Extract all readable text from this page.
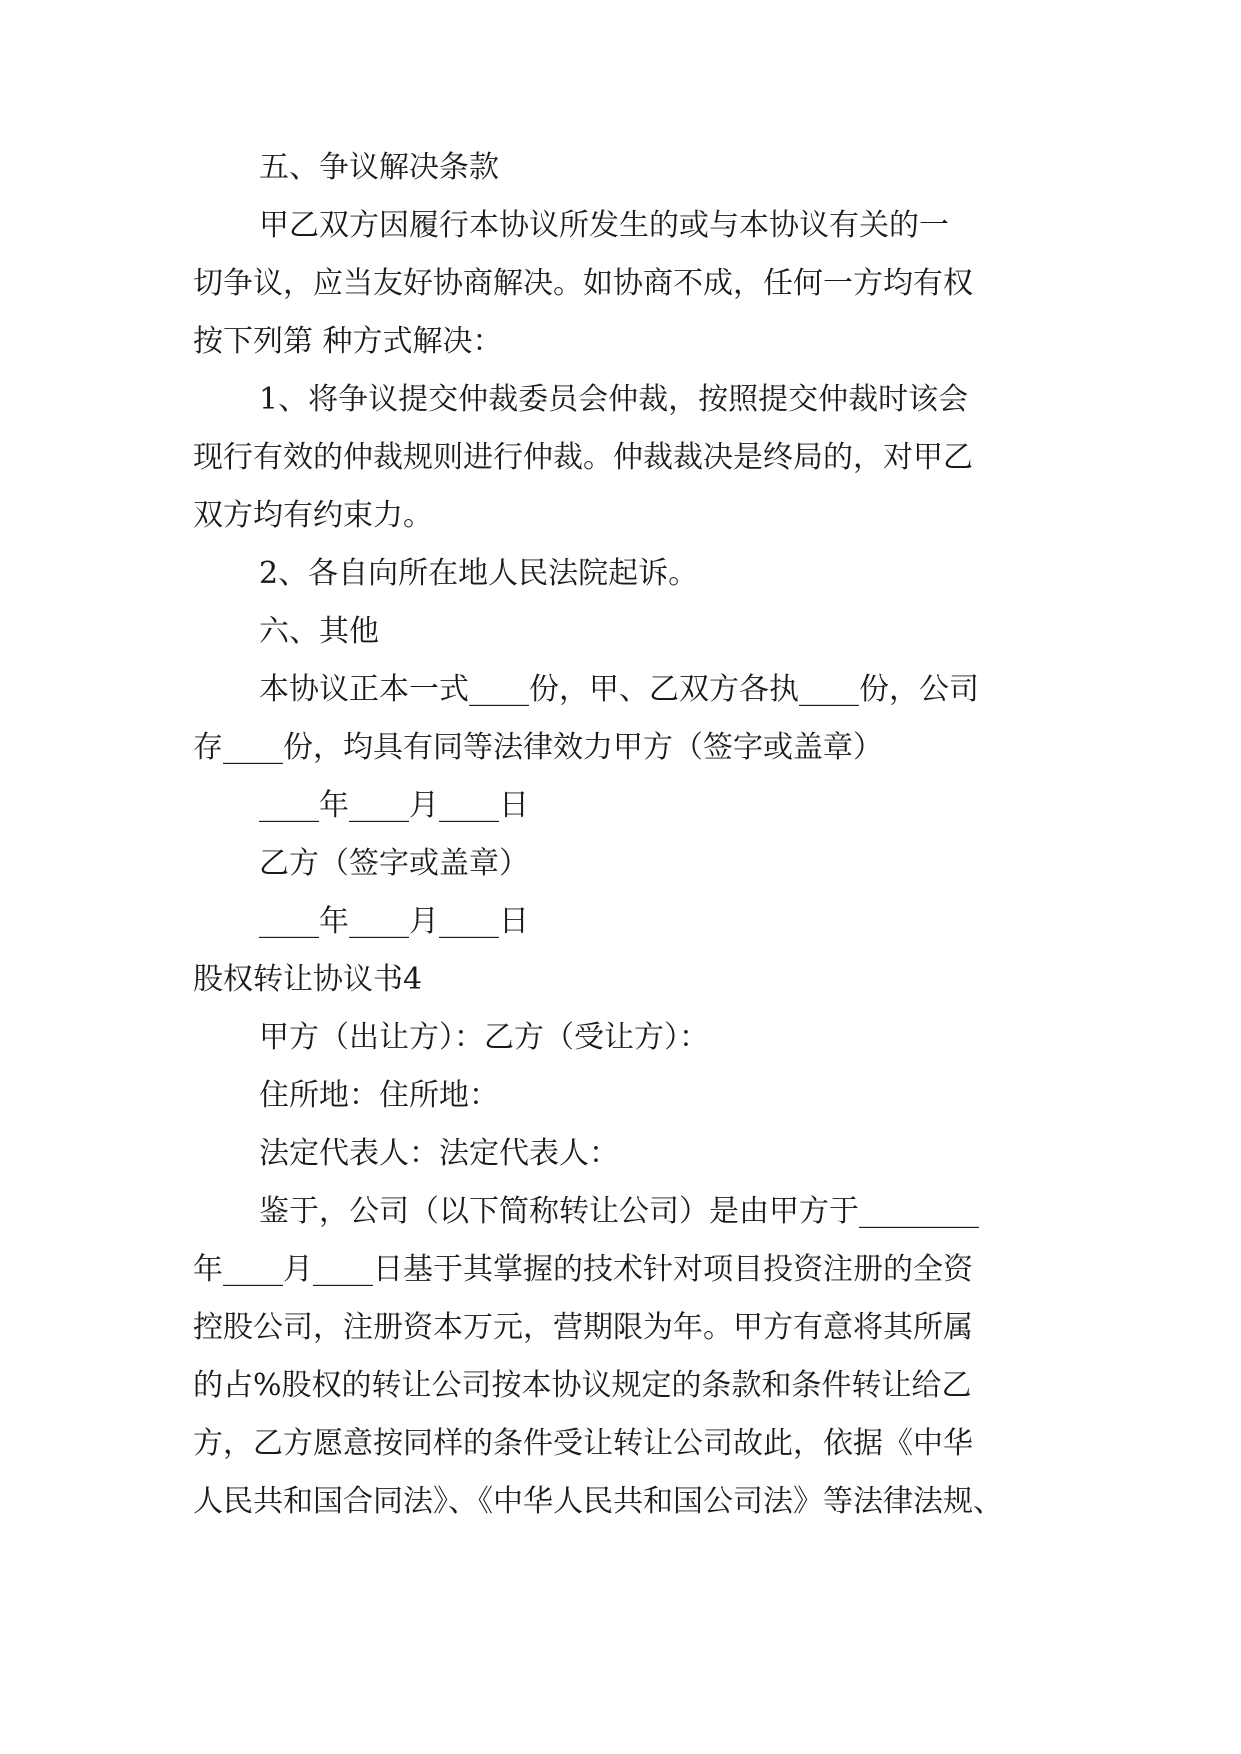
五、争议解决条款
甲乙双方因履行本协议所发生的或与本协议有关的一
切争议，应当友好协商解决。如协商不成，任何一方均有权
按下列第 种方式解决：
1、将争议提交仲裁委员会仲裁，按照提交仲裁时该会
现行有效的仲裁规则进行仲裁。仲裁裁决是终局的，对甲乙
双方均有约束力。
2、各自向所在地人民法院起诉。
六、其他
本协议正本一式____份，甲、乙双方各执____份，公司
存____份，均具有同等法律效力甲方（签字或盖章）
____年____月____日
乙方（签字或盖章）
____年____月____日
股权转让协议书4
甲方（出让方）：乙方（受让方）：
住所地：住所地：
法定代表人：法定代表人：
鉴于，公司（以下简称转让公司）是由甲方于________
年____月____日基于其掌握的技术针对项目投资注册的全资
控股公司，注册资本万元，营期限为年。甲方有意将其所属
的占%股权的转让公司按本协议规定的条款和条件转让给乙
方，乙方愿意按同样的条件受让转让公司故此，依据《中华
人民共和国合同法》、《中华人民共和国公司法》等法律法规、
